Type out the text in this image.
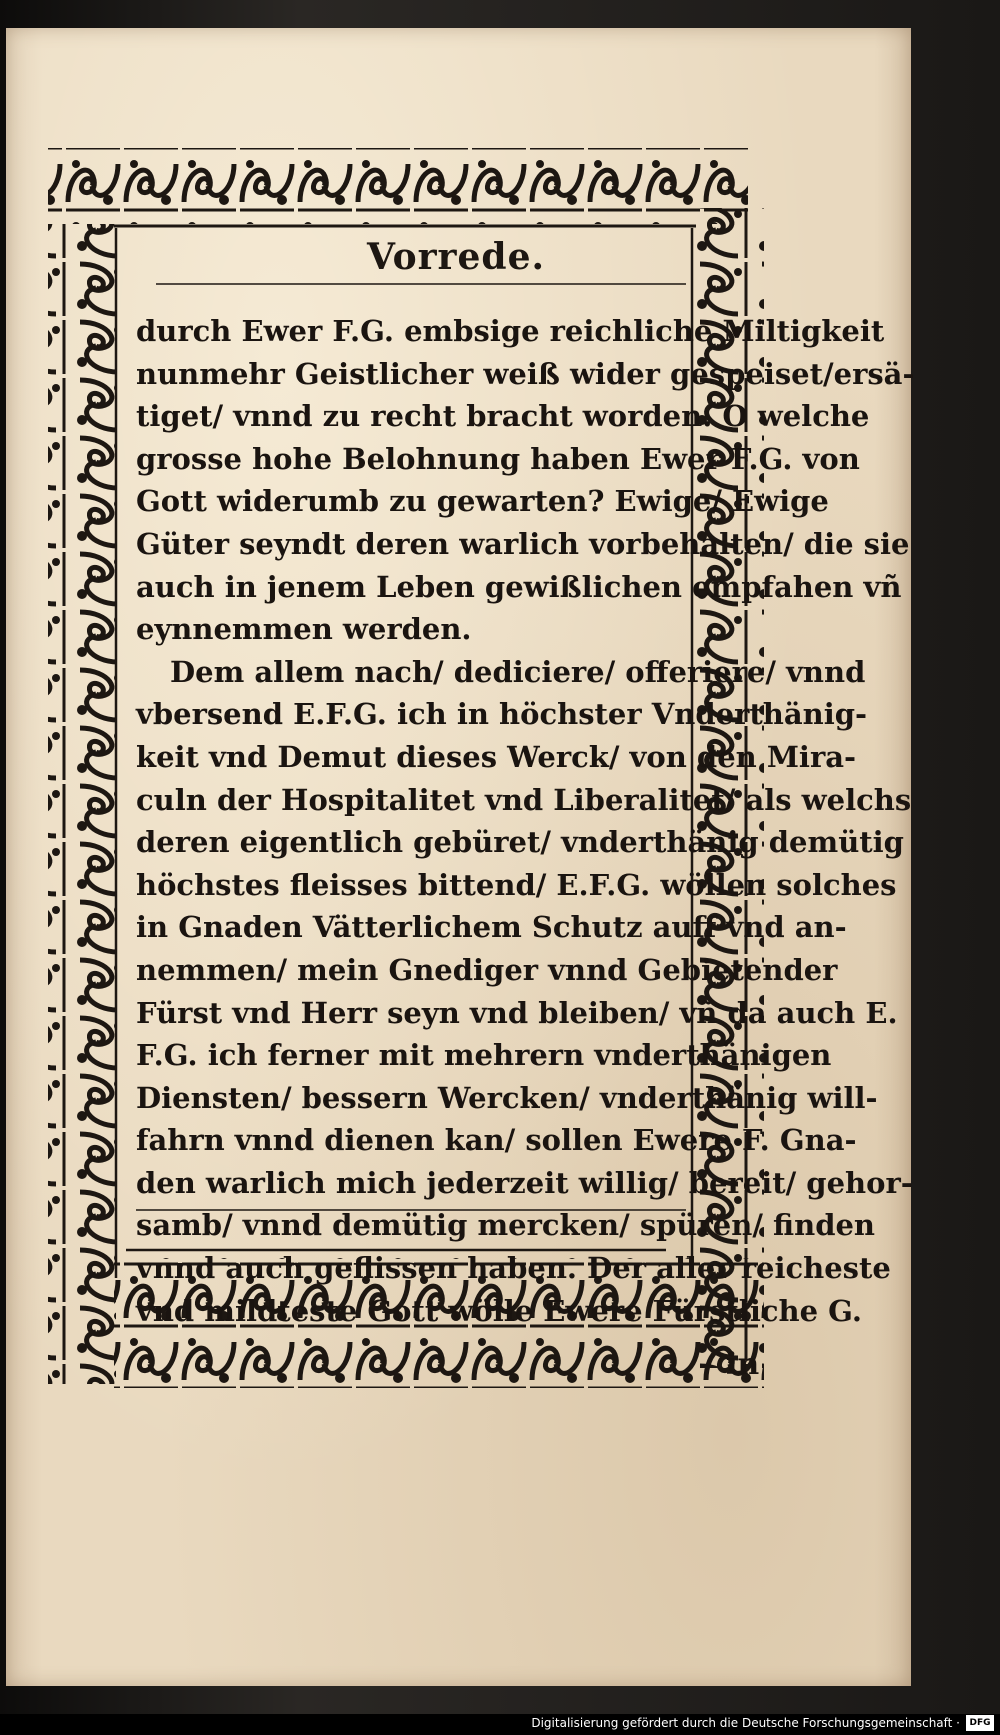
Vorrede.
durch Ewer F.G. embsige reichliche Miltigkeit
nunmehr Geistlicher weiß wider gespeiset/ersä-
tiget/ vnnd zu recht bracht worden. O welche
grosse hohe Belohnung haben Ewer F.G. von
Gott widerumb zu gewarten? Ewige/ Ewige
Güter seyndt deren warlich vorbehalten/ die sie
auch in jenem Leben gewißlichen empfahen vñ
eynnemmen werden.
Dem allem nach/ dediciere/ offeriere/ vnnd
vbersend E.F.G. ich in höchster Vnderthänig-
keit vnd Demut dieses Werck/ von den Mira-
culn der Hospitalitet vnd Liberalitet/ als welchs
deren eigentlich gebüret/ vnderthänig demütig
höchstes fleisses bittend/ E.F.G. wöllen solches
in Gnaden Vätterlichem Schutz auff vnd an-
nemmen/ mein Gnediger vnnd Gebietender
Fürst vnd Herr seyn vnd bleiben/ vñ da auch E.
F.G. ich ferner mit mehrern vnderthänigen
Diensten/ bessern Wercken/ vnderthänig will-
fahrn vnnd dienen kan/ sollen Ewere F. Gna-
den warlich mich jederzeit willig/ bereit/ gehor-
samb/ vnnd demütig mercken/ spüren/ finden
vnnd auch geflissen haben. Der aller reicheste
vnd mildteste Gott wölle Ewere Fürstliche G.
in
Digitalisierung gefördert durch die Deutsche Forschungsgemeinschaft ·	DFG
